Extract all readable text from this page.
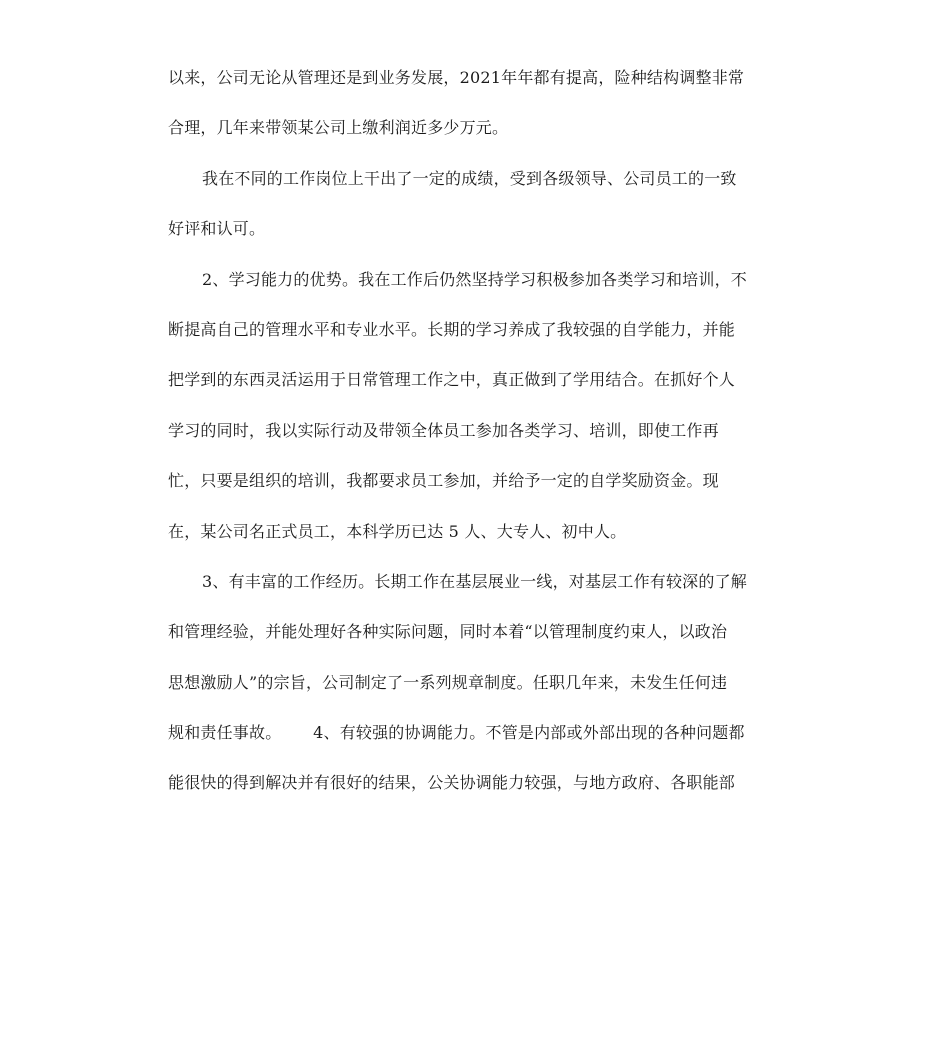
以来，公司无论从管理还是到业务发展，2021年年都有提高，险种结构调整非常
合理，几年来带领某公司上缴利润近多少万元。
我在不同的工作岗位上干出了一定的成绩，受到各级领导、公司员工的一致
好评和认可。
2、学习能力的优势。我在工作后仍然坚持学习积极参加各类学习和培训，不
断提高自己的管理水平和专业水平。长期的学习养成了我较强的自学能力，并能
把学到的东西灵活运用于日常管理工作之中，真正做到了学用结合。在抓好个人
学习的同时，我以实际行动及带领全体员工参加各类学习、培训，即使工作再
忙，只要是组织的培训，我都要求员工参加，并给予一定的自学奖励资金。现
在，某公司名正式员工，本科学历已达 5 人、大专人、初中人。
3、有丰富的工作经历。长期工作在基层展业一线，对基层工作有较深的了解
和管理经验，并能处理好各种实际问题，同时本着“以管理制度约束人，以政治
思想激励人”的宗旨，公司制定了一系列规章制度。任职几年来，未发生任何违
规和责任事故。      4、有较强的协调能力。不管是内部或外部出现的各种问题都
能很快的得到解决并有很好的结果，公关协调能力较强，与地方政府、各职能部
